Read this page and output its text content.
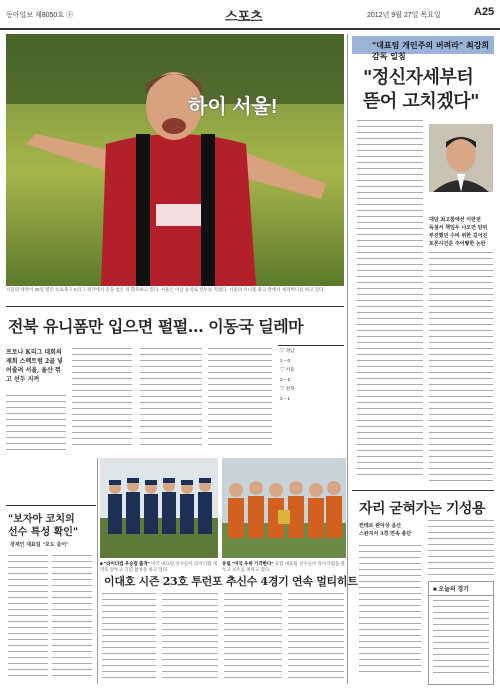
동아일보 제8050호 ㊉	스포츠	2012년 9월 27일 목요일	A25
하이 서울!
서울의 데얀이 26일 열린 프로축구 K리그 경기에서 골을 넣은 뒤 환호하고 있다. 서울은 이날 승리로 선두를 지켰다. 서울의 유니폼 광고 앞에서 세리머니를 하고 있다.
전북 유니폼만 입으면 펄펄… 이동국 딜레마
프로나 K리그 대회의 재회 스펙트럼 2골 넣어줄려 서울, 울산 꺾고 선두 지켜
▽ 경남
1 – 0
▽ 서울
2 – 1
▽ 전북
3 – 1
"대표팀 개인주의 버려라" 최강희 감독 일침
"정신자세부터
뜯어 고치겠다"
대담 최고참에선 이란전
독설서 책임두 나오면 암뒤
부진했던 수비 위한 길어진
토론사건준 주어떻한 논란
자리 굳혀가는 기성용
컨테르 완아상 음산
스완지서 3경 연속 종단
■ 오늘의 경기
"보자아 코치의
선수 특성 확인"
장재인 대표팀 "포도 울어"
■ "라이더컵 우승컵 출격" 미국 대표팀 선수들이 라이더컵 개막을 앞두고 기념 촬영을 하고 있다.
유럽 "미국 우위 기각한다" 유럽 대표팀 선수들이 라이더컵을 앞두고 포즈를 취하고 있다.
이대호 시즌 23호 투런포 추신수 4경기 연속 멀티히트
